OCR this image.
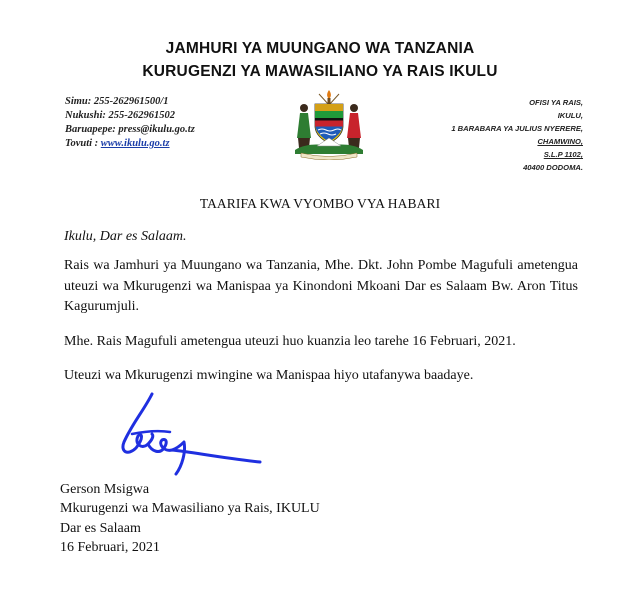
JAMHURI YA MUUNGANO WA TANZANIA
KURUGENZI YA MAWASILIANO YA RAIS IKULU
Simu: 255-262961500/1
Nukushi: 255-262961502
Baruapepe: press@ikulu.go.tz
Tovuti : www.ikulu.go.tz
OFISI YA RAIS,
IKULU,
1 BARABARA YA JULIUS NYERERE,
CHAMWINO,
S.L.P 1102,
40400 DODOMA.
TAARIFA KWA VYOMBO VYA HABARI
Ikulu, Dar es Salaam.
Rais wa Jamhuri ya Muungano wa Tanzania, Mhe. Dkt. John Pombe Magufuli ametengua uteuzi wa Mkurugenzi wa Manispaa ya Kinondoni Mkoani Dar es Salaam Bw. Aron Titus Kagurumjuli.
Mhe. Rais Magufuli ametengua uteuzi huo kuanzia leo tarehe 16 Februari, 2021.
Uteuzi wa Mkurugenzi mwingine wa Manispaa hiyo utafanywa baadaye.
Gerson Msigwa
Mkurugenzi wa Mawasiliano ya Rais, IKULU
Dar es Salaam
16 Februari, 2021
